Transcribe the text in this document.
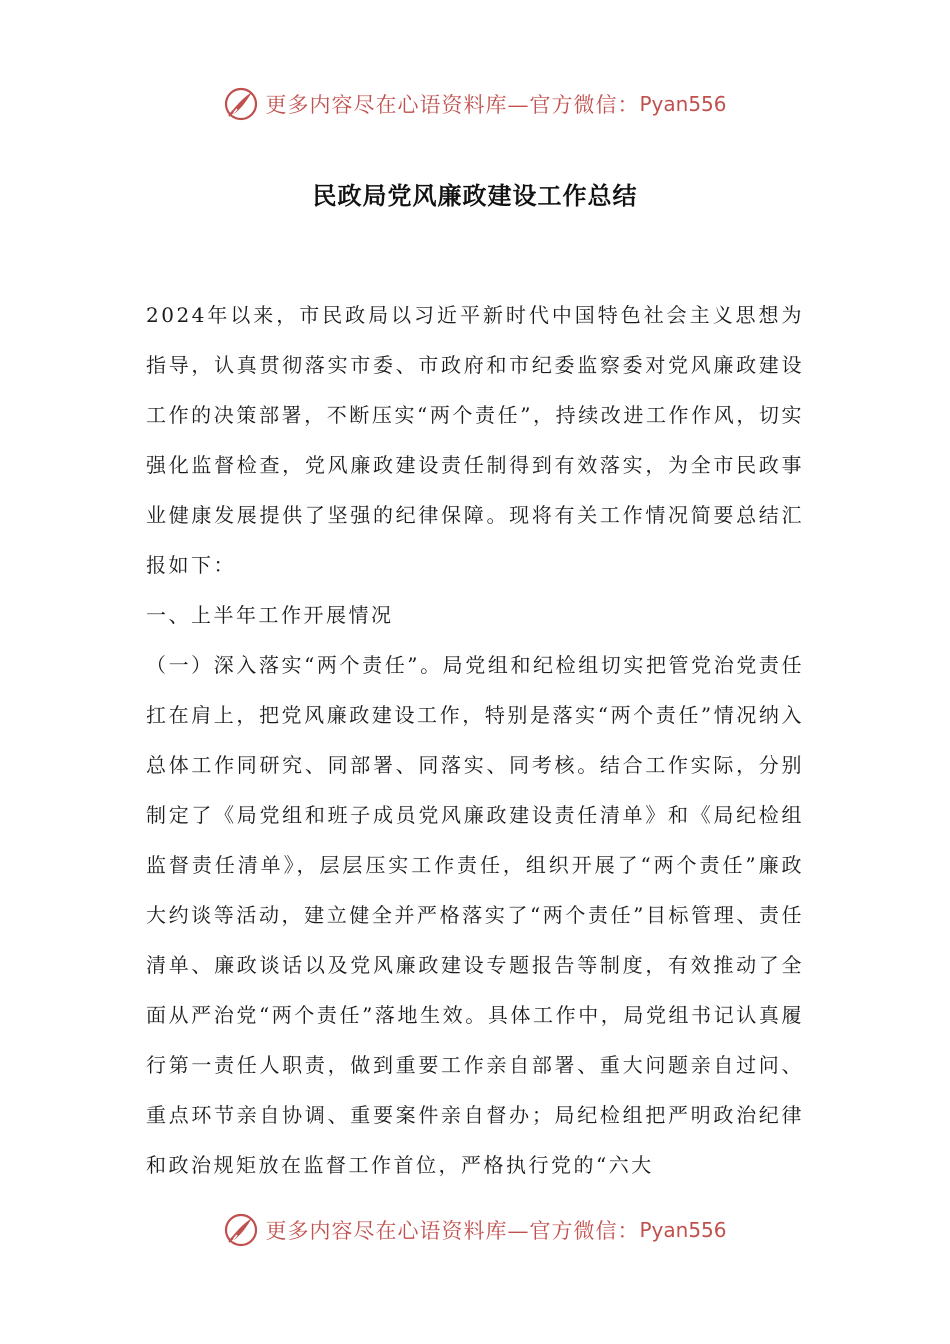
更多内容尽在心语资料库—官方微信： Pyan556
民政局党风廉政建设工作总结

2024年以来，市民政局以习近平新时代中国特色社会主义思想为指导，认真贯彻落实市委、市政府和市纪委监察委对党风廉政建设工作的决策部署，不断压实“两个责任”，持续改进工作作风，切实强化监督检查，党风廉政建设责任制得到有效落实，为全市民政事业健康发展提供了坚强的纪律保障。现将有关工作情况简要总结汇报如下：

一、上半年工作开展情况

（一）深入落实“两个责任”。局党组和纪检组切实把管党治党责任扛在肩上，把党风廉政建设工作，特别是落实“两个责任”情况纳入总体工作同研究、同部署、同落实、同考核。结合工作实际，分别制定了《局党组和班子成员党风廉政建设责任清单》和《局纪检组监督责任清单》，层层压实工作责任，组织开展了“两个责任”廉政大约谈等活动，建立健全并严格落实了“两个责任”目标管理、责任清单、廉政谈话以及党风廉政建设专题报告等制度，有效推动了全面从严治党“两个责任”落地生效。具体工作中，局党组书记认真履行第一责任人职责，做到重要工作亲自部署、重大问题亲自过问、重点环节亲自协调、重要案件亲自督办；局纪检组把严明政治纪律和政治规矩放在监督工作首位，严格执行党的“六大

更多内容尽在心语资料库—官方微信： Pyan556
